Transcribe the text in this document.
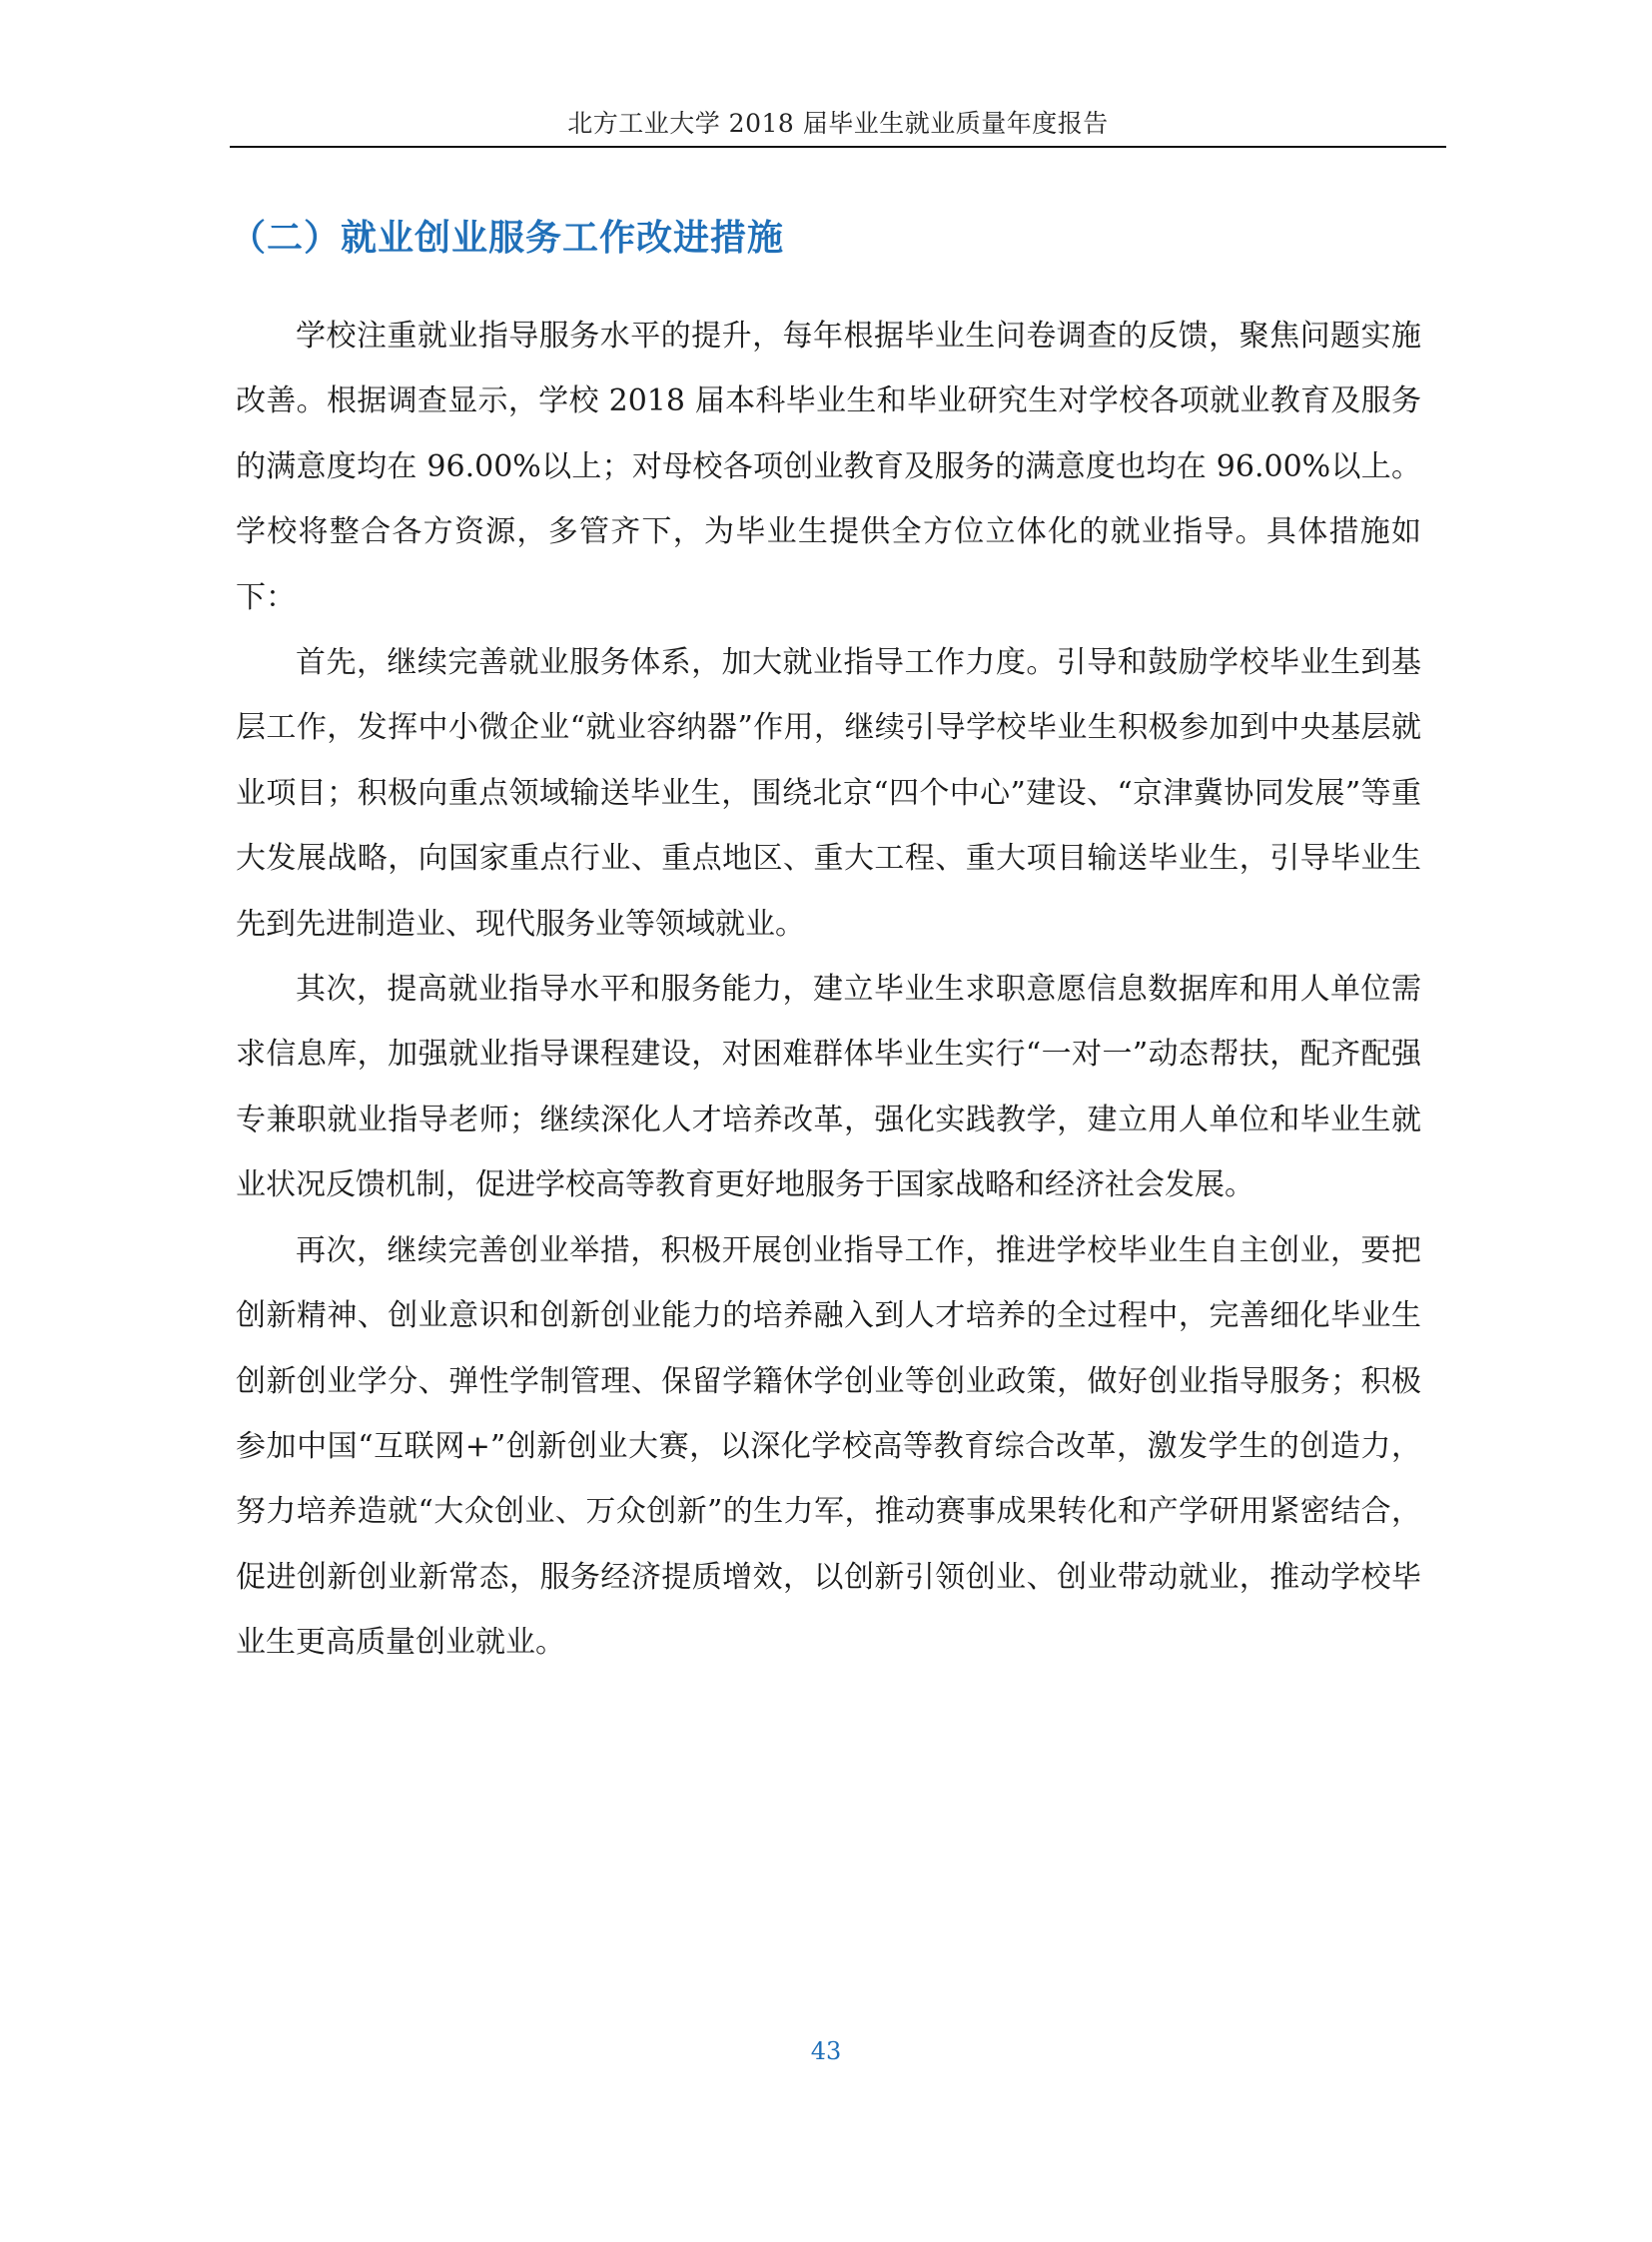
北方工业大学 2018 届毕业生就业质量年度报告
（二）就业创业服务工作改进措施

学校注重就业指导服务水平的提升，每年根据毕业生问卷调查的反馈，聚焦问题实施改善。根据调查显示，学校 2018 届本科毕业生和毕业研究生对学校各项就业教育及服务的满意度均在 96.00%以上；对母校各项创业教育及服务的满意度也均在 96.00%以上。学校将整合各方资源，多管齐下，为毕业生提供全方位立体化的就业指导。具体措施如下：

首先，继续完善就业服务体系，加大就业指导工作力度。引导和鼓励学校毕业生到基层工作，发挥中小微企业“就业容纳器”作用，继续引导学校毕业生积极参加到中央基层就业项目；积极向重点领域输送毕业生，围绕北京“四个中心”建设、“京津冀协同发展”等重大发展战略，向国家重点行业、重点地区、重大工程、重大项目输送毕业生，引导毕业生先到先进制造业、现代服务业等领域就业。

其次，提高就业指导水平和服务能力，建立毕业生求职意愿信息数据库和用人单位需求信息库，加强就业指导课程建设，对困难群体毕业生实行“一对一”动态帮扶，配齐配强专兼职就业指导老师；继续深化人才培养改革，强化实践教学，建立用人单位和毕业生就业状况反馈机制，促进学校高等教育更好地服务于国家战略和经济社会发展。

再次，继续完善创业举措，积极开展创业指导工作，推进学校毕业生自主创业，要把创新精神、创业意识和创新创业能力的培养融入到人才培养的全过程中，完善细化毕业生创新创业学分、弹性学制管理、保留学籍休学创业等创业政策，做好创业指导服务；积极参加中国“互联网+”创新创业大赛，以深化学校高等教育综合改革，激发学生的创造力，努力培养造就“大众创业、万众创新”的生力军，推动赛事成果转化和产学研用紧密结合，促进创新创业新常态，服务经济提质增效，以创新引领创业、创业带动就业，推动学校毕业生更高质量创业就业。

43
